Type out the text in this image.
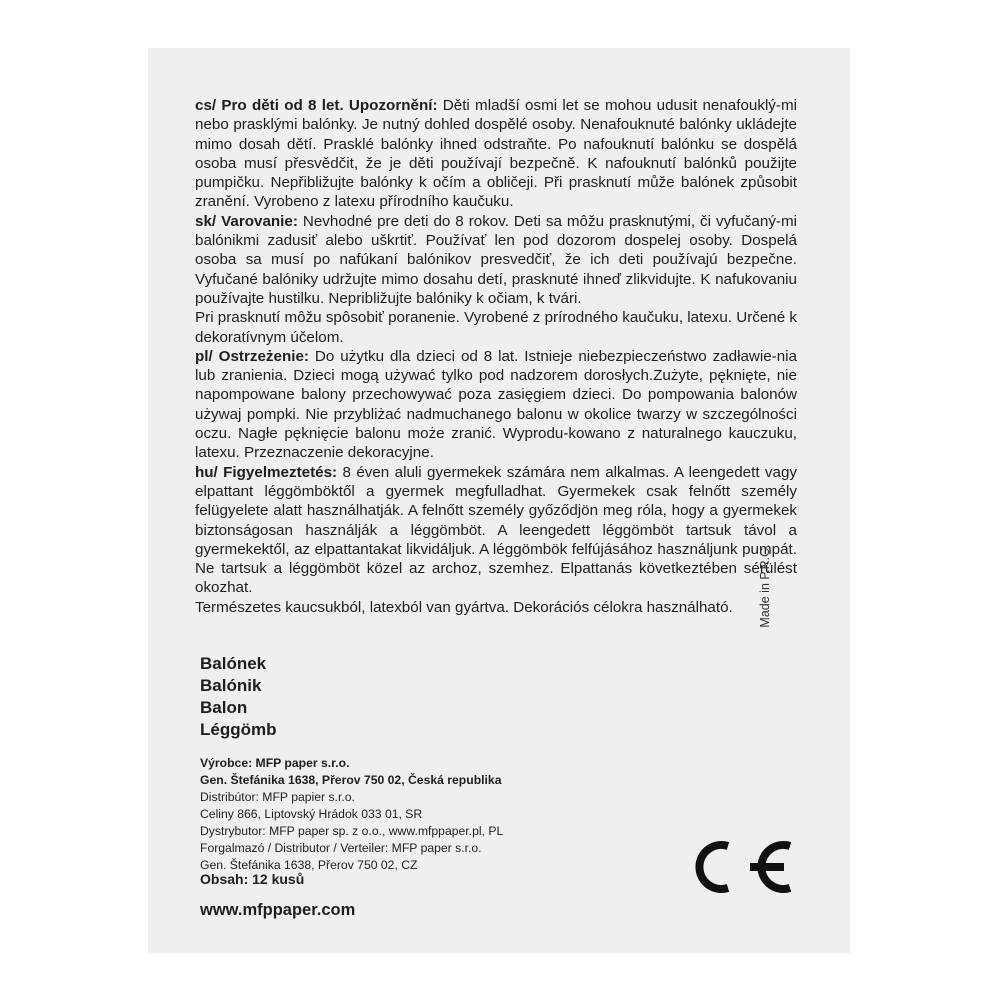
cs/ Pro děti od 8 let. Upozornění: Děti mladší osmi let se mohou udusit nenafouklý-mi nebo prasklými balónky. Je nutný dohled dospělé osoby. Nenafouknuté balónky ukládejte mimo dosah dětí. Prasklé balónky ihned odstraňte. Po nafouknutí balónku se dospělá osoba musí přesvědčit, že je děti používají bezpečně. K nafouknutí balónků použijte pumpičku. Nepřibližujte balónky k očím a obličeji. Při prasknutí může balónek způsobit zranění. Vyrobeno z latexu přírodního kaučuku.

sk/ Varovanie: Nevhodné pre deti do 8 rokov. Deti sa môžu prasknutými, či vyfučaný-mi balónikmi zadusiť alebo uškrtiť. Používať len pod dozorom dospelej osoby. Dospelá osoba sa musí po nafúkaní balónikov presvedčiť, že ich deti používajú bezpečne. Vyfučané balóniky udržujte mimo dosahu detí, prasknuté ihneď zlikvidujte. K nafukovaniu používajte hustilku. Nepribližujte balóniky k očiam, k tvári.

Pri prasknutí môžu spôsobiť poranenie. Vyrobené z prírodného kaučuku, latexu. Určené k dekoratívnym účelom.

pl/ Ostrzeżenie: Do użytku dla dzieci od 8 lat. Istnieje niebezpieczeństwo zadławie-nia lub zranienia. Dzieci mogą używać tylko pod nadzorem dorosłych.Zużyte, pęknięte, nie napompowane balony przechowywać poza zasięgiem dzieci. Do pompowania balonów używaj pompki. Nie przybliżać nadmuchanego balonu w okolice twarzy w szczególności oczu. Nagłe pęknięcie balonu może zranić. Wyprodu-kowano z naturalnego kauczuku, latexu. Przeznaczenie dekoracyjne.

hu/ Figyelmeztetés: 8 éven aluli gyermekek számára nem alkalmas. A leengedett vagy elpattant léggömböktől a gyermek megfulladhat. Gyermekek csak felnőtt személy felügyelete alatt használhatják. A felnőtt személy győződjön meg róla, hogy a gyermekek biztonságosan használják a léggömböt. A leengedett léggömböt tartsuk távol a gyermekektől, az elpattantakat likvidáljuk. A léggömbök felfújásához használjunk pumpát. Ne tartsuk a léggömböt közel az archoz, szemhez. Elpattanás következtében sérülést okozhat.

Természetes kaucsukból, latexból van gyártva. Dekorációs célokra használható.

Balónek
Balónik
Balon
Léggömb
Made in P.R.C.
Výrobce: MFP paper s.r.o.
Gen. Štefánika 1638, Přerov 750 02, Česká republika
Distribútor: MFP papier s.r.o.
Celiny 866, Liptovský Hrádok 033 01, SR
Dystrybutor: MFP paper sp. z o.o., www.mfppaper.pl, PL
Forgalmazó / Distributor / Verteiler: MFP paper s.r.o.
Gen. Štefánika 1638, Přerov 750 02, CZ
Obsah: 12 kusů
www.mfppaper.com
